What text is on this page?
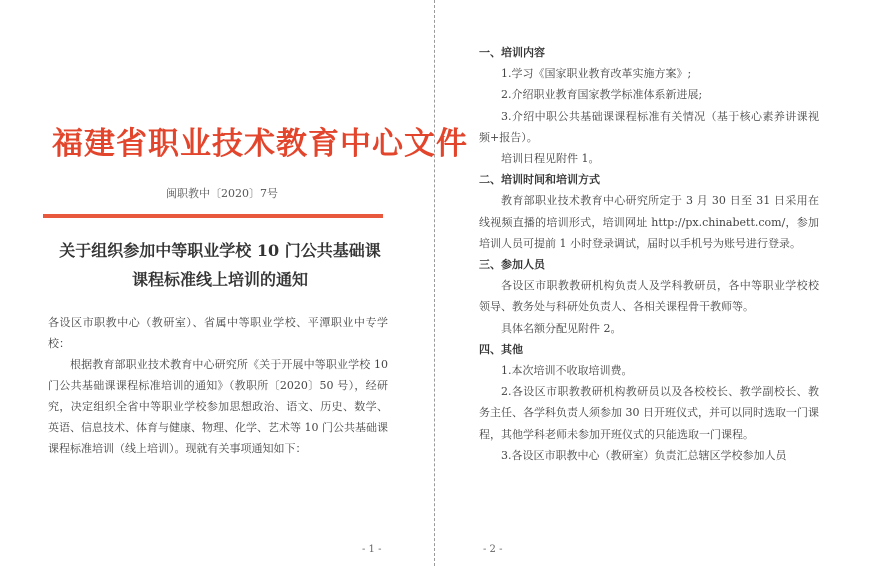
福建省职业技术教育中心文件
闽职教中〔2020〕7号
关于组织参加中等职业学校 10 门公共基础课
课程标准线上培训的通知

各设区市职教中心（教研室）、省属中等职业学校、平潭职业中专学校：

根据教育部职业技术教育中心研究所《关于开展中等职业学校 10 门公共基础课课程标准培训的通知》（教职所〔2020〕50 号），经研究，决定组织全省中等职业学校参加思想政治、语文、历史、数学、英语、信息技术、体育与健康、物理、化学、艺术等 10 门公共基础课课程标准培训（线上培训）。现就有关事项通知如下：

- 1 -

一、培训内容

1.学习《国家职业教育改革实施方案》;

2.介绍职业教育国家教学标准体系新进展;

3.介绍中职公共基础课课程标准有关情况（基于核心素养讲课视频+报告）。

培训日程见附件 1。

二、培训时间和培训方式

教育部职业技术教育中心研究所定于 3 月 30 日至 31 日采用在线视频直播的培训形式，培训网址 http://px.chinabett.com/，参加培训人员可提前 1 小时登录调试，届时以手机号为账号进行登录。

三、参加人员

各设区市职教教研机构负责人及学科教研员，各中等职业学校校领导、教务处与科研处负责人、各相关课程骨干教师等。

具体名额分配见附件 2。

四、其他

1.本次培训不收取培训费。

2.各设区市职教教研机构教研员以及各校校长、教学副校长、教务主任、各学科负责人须参加 30 日开班仪式，并可以同时选取一门课程，其他学科老师未参加开班仪式的只能选取一门课程。

3.各设区市职教中心（教研室）负责汇总辖区学校参加人员

- 2 -
